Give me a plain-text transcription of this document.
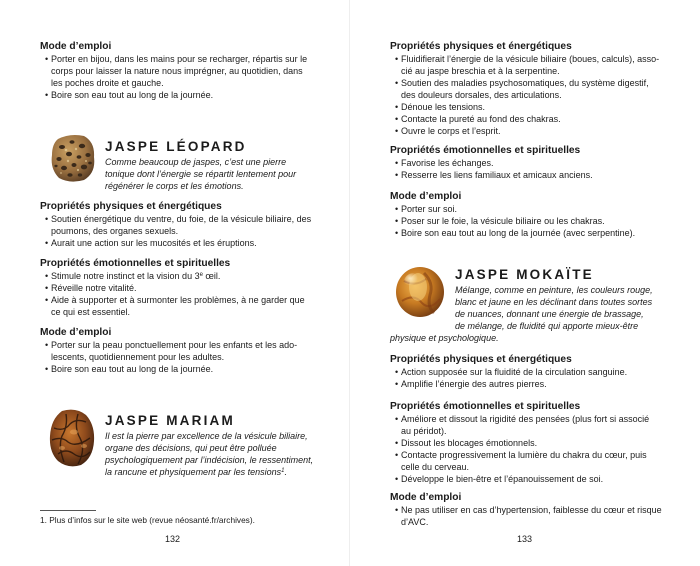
Mode d’emploi
• Porter en bijou, dans les mains pour se recharger, répartis sur le
corps pour laisser la nature nous imprégner, au quotidien, dans
les poches droite et gauche.
• Boire son eau tout au long de la journée.
JASPE LÉOPARD
Comme beaucoup de jaspes, c’est une pierre
tonique dont l’énergie se répartit lentement pour
régénérer le corps et les émotions.
Propriétés physiques et énergétiques
• Soutien énergétique du ventre, du foie, de la vésicule biliaire, des
poumons, des organes sexuels.
• Aurait une action sur les mucosités et les éruptions.
Propriétés émotionnelles et spirituelles
• Stimule notre instinct et la vision du 3e œil.
• Réveille notre vitalité.
• Aide à supporter et à surmonter les problèmes, à ne garder que
ce qui est essentiel.
Mode d’emploi
• Porter sur la peau ponctuellement pour les enfants et les ado-
lescents, quotidiennement pour les adultes.
• Boire son eau tout au long de la journée.
JASPE MARIAM
Il est la pierre par excellence de la vésicule biliaire,
organe des décisions, qui peut être polluée
psychologiquement par l’indécision, le ressentiment,
la rancune et physiquement par les tensions$^1$.
1. Plus d’infos sur le site web (revue néosanté.fr/archives).
132
Propriétés physiques et énergétiques
• Fluidifierait l’énergie de la vésicule biliaire (boues, calculs), asso-
cié au jaspe breschia et à la serpentine.
• Soutien des maladies psychosomatiques, du système digestif,
des douleurs dorsales, des articulations.
• Dénoue les tensions.
• Contacte la pureté au fond des chakras.
• Ouvre le corps et l’esprit.
Propriétés émotionnelles et spirituelles
• Favorise les échanges.
• Resserre les liens familiaux et amicaux anciens.
Mode d’emploi
• Porter sur soi.
• Poser sur le foie, la vésicule biliaire ou les chakras.
• Boire son eau tout au long de la journée (avec serpentine).
JASPE MOKAÏTE
Mélange, comme en peinture, les couleurs rouge,
blanc et jaune en les déclinant dans toutes sortes
de nuances, donnant une énergie de brassage,
de mélange, de fluidité qui apporte mieux-être
physique et psychologique.
Propriétés physiques et énergétiques
• Action supposée sur la fluidité de la circulation sanguine.
• Amplifie l’énergie des autres pierres.
Propriétés émotionnelles et spirituelles
• Améliore et dissout la rigidité des pensées (plus fort si associé
au péridot).
• Dissout les blocages émotionnels.
• Contacte progressivement la lumière du chakra du cœur, puis
celle du cerveau.
• Développe le bien-être et l’épanouissement de soi.
Mode d’emploi
• Ne pas utiliser en cas d’hypertension, faiblesse du cœur et risque
d’AVC.
133
